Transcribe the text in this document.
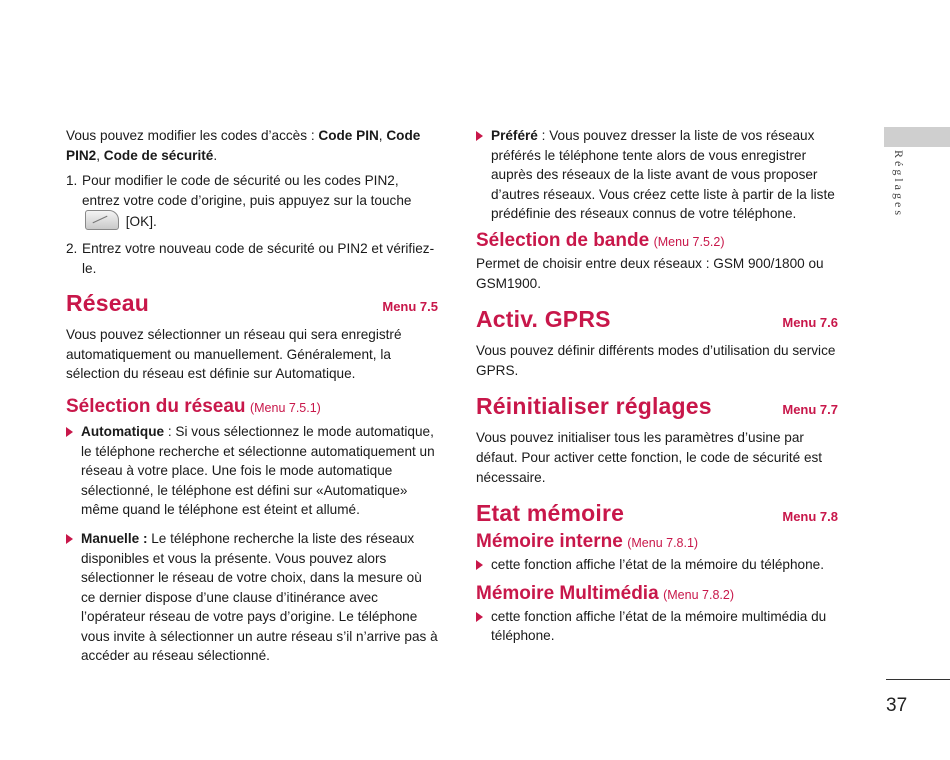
Vous pouvez modifier les codes d’accès : Code PIN, Code PIN2, Code de sécurité.

1. Pour modifier le code de sécurité ou les codes PIN2, entrez votre code d’origine, puis appuyez sur la touche  [OK].
2. Entrez votre nouveau code de sécurité ou PIN2 et vérifiez-le.
Réseau	Menu 7.5

Vous pouvez sélectionner un réseau qui sera enregistré automatiquement ou manuellement. Généralement, la sélection du réseau est définie sur Automatique.

Sélection du réseau (Menu 7.5.1)
Automatique : Si vous sélectionnez le mode automatique, le téléphone recherche et sélectionne automatiquement un réseau à votre place. Une fois le mode automatique sélectionné, le téléphone est défini sur «Automatique» même quand le téléphone est éteint et allumé.
Manuelle : Le téléphone recherche la liste des réseaux disponibles et vous la présente. Vous pouvez alors sélectionner le réseau de votre choix, dans la mesure où ce dernier dispose d’une clause d’itinérance avec l’opérateur réseau de votre pays d’origine. Le téléphone vous invite à sélectionner un autre réseau s’il n’arrive pas à accéder au réseau sélectionné.
Préféré : Vous pouvez dresser la liste de vos réseaux préférés le téléphone tente alors de vous enregistrer auprès des réseaux de la liste avant de vous proposer d’autres réseaux. Vous créez cette liste à partir de la liste prédéfinie des réseaux connus de votre téléphone.
Sélection de bande (Menu 7.5.2)

Permet de choisir entre deux réseaux : GSM 900/1800 ou GSM1900.

Activ. GPRS	Menu 7.6

Vous pouvez définir différents modes d’utilisation du service GPRS.

Réinitialiser réglages	Menu 7.7

Vous pouvez initialiser tous les paramètres d’usine par défaut. Pour activer cette fonction, le code de sécurité est nécessaire.

Etat mémoire	Menu 7.8
Mémoire interne (Menu 7.8.1)
cette fonction affiche l’état de la mémoire du téléphone.
Mémoire Multimédia (Menu 7.8.2)
cette fonction affiche l’état de la mémoire multimédia du téléphone.
Réglages
37
